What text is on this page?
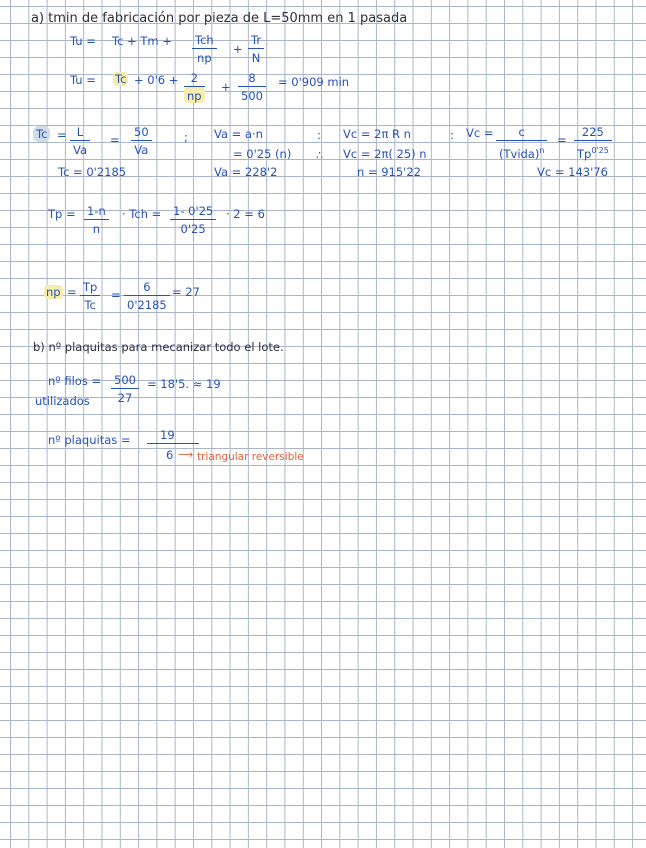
a) tmin de fabricación por pieza de L=50mm en 1 pasada
Tu = Tc + Tm + Tch
np
+
Tr
N
Tu = Tc + 0'6 + 2
np
+
8
500
= 0'909 min
Tc = L
Va
=
50
Va
;
Tc = 0'2185
Va = a·n
= 0'25 (n)
Va = 228'2
:
∴
Vc = 2π R n
Vc = 2π( 25) n
n = 915'22
: Vc = c
(Tvida)$^n$
=
225
$Tp^{0'25}$
Vc = 143'76
Tp = 1-n
n
· Tch = 1- 0'25
0'25
· 2 = 6
np = Tp
Tc
=
6
0'2185
= 27
b) nº plaquitas para mecanizar todo el lote.
nº filos =
utilizados
500
27
= 18'5. ≈ 19
nº plaquitas =	19
6 ⟶ triangular reversible
